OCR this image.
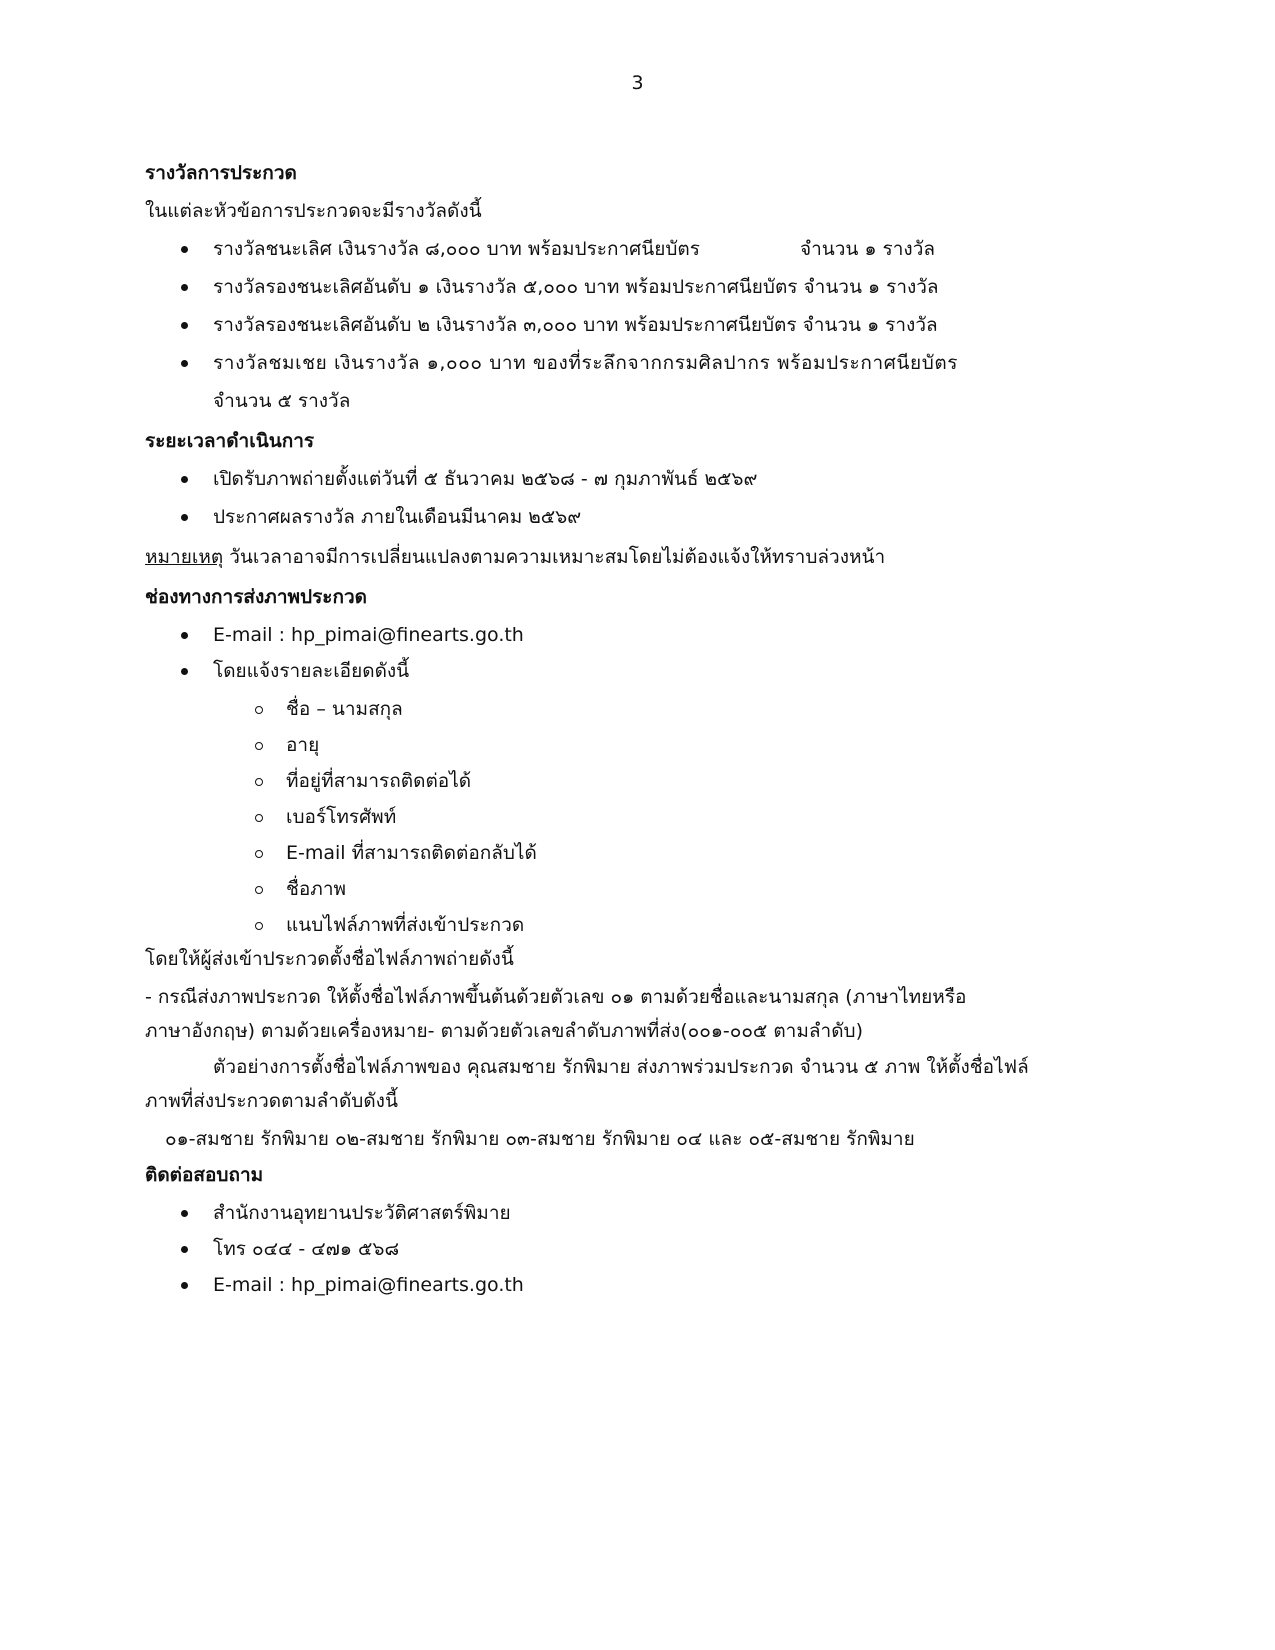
3
รางวัลการประกวด
ในแต่ละหัวข้อการประกวดจะมีรางวัลดังนี้
รางวัลชนะเลิศ เงินรางวัล ๘,๐๐๐ บาท พร้อมประกาศนียบัตร	จำนวน ๑ รางวัล
รางวัลรองชนะเลิศอันดับ ๑ เงินรางวัล ๕,๐๐๐ บาท พร้อมประกาศนียบัตร จำนวน ๑ รางวัล
รางวัลรองชนะเลิศอันดับ ๒ เงินรางวัล ๓,๐๐๐ บาท พร้อมประกาศนียบัตร จำนวน ๑ รางวัล
รางวัลชมเชย เงินรางวัล ๑,๐๐๐ บาท ของที่ระลึกจากกรมศิลปากร พร้อมประกาศนียบัตร
จำนวน ๕ รางวัล
ระยะเวลาดำเนินการ
เปิดรับภาพถ่ายตั้งแต่วันที่ ๕ ธันวาคม ๒๕๖๘ - ๗ กุมภาพันธ์ ๒๕๖๙
ประกาศผลรางวัล ภายในเดือนมีนาคม ๒๕๖๙
หมายเหตุ วันเวลาอาจมีการเปลี่ยนแปลงตามความเหมาะสมโดยไม่ต้องแจ้งให้ทราบล่วงหน้า
ช่องทางการส่งภาพประกวด
E-mail : hp_pimai@finearts.go.th
โดยแจ้งรายละเอียดดังนี้
ชื่อ – นามสกุล
อายุ
ที่อยู่ที่สามารถติดต่อได้
เบอร์โทรศัพท์
E-mail ที่สามารถติดต่อกลับได้
ชื่อภาพ
แนบไฟล์ภาพที่ส่งเข้าประกวด
โดยให้ผู้ส่งเข้าประกวดตั้งชื่อไฟล์ภาพถ่ายดังนี้
- กรณีส่งภาพประกวด ให้ตั้งชื่อไฟล์ภาพขึ้นต้นด้วยตัวเลข ๐๑ ตามด้วยชื่อและนามสกุล (ภาษาไทยหรือ
ภาษาอังกฤษ) ตามด้วยเครื่องหมาย- ตามด้วยตัวเลขลำดับภาพที่ส่ง(๐๐๑-๐๐๕ ตามลำดับ)
ตัวอย่างการตั้งชื่อไฟล์ภาพของ คุณสมชาย รักพิมาย ส่งภาพร่วมประกวด จำนวน ๕ ภาพ ให้ตั้งชื่อไฟล์
ภาพที่ส่งประกวดตามลำดับดังนี้
๐๑-สมชาย รักพิมาย ๐๒-สมชาย รักพิมาย ๐๓-สมชาย รักพิมาย ๐๔ และ ๐๕-สมชาย รักพิมาย
ติดต่อสอบถาม
สำนักงานอุทยานประวัติศาสตร์พิมาย
โทร ๐๔๔ - ๔๗๑ ๕๖๘
E-mail : hp_pimai@finearts.go.th
